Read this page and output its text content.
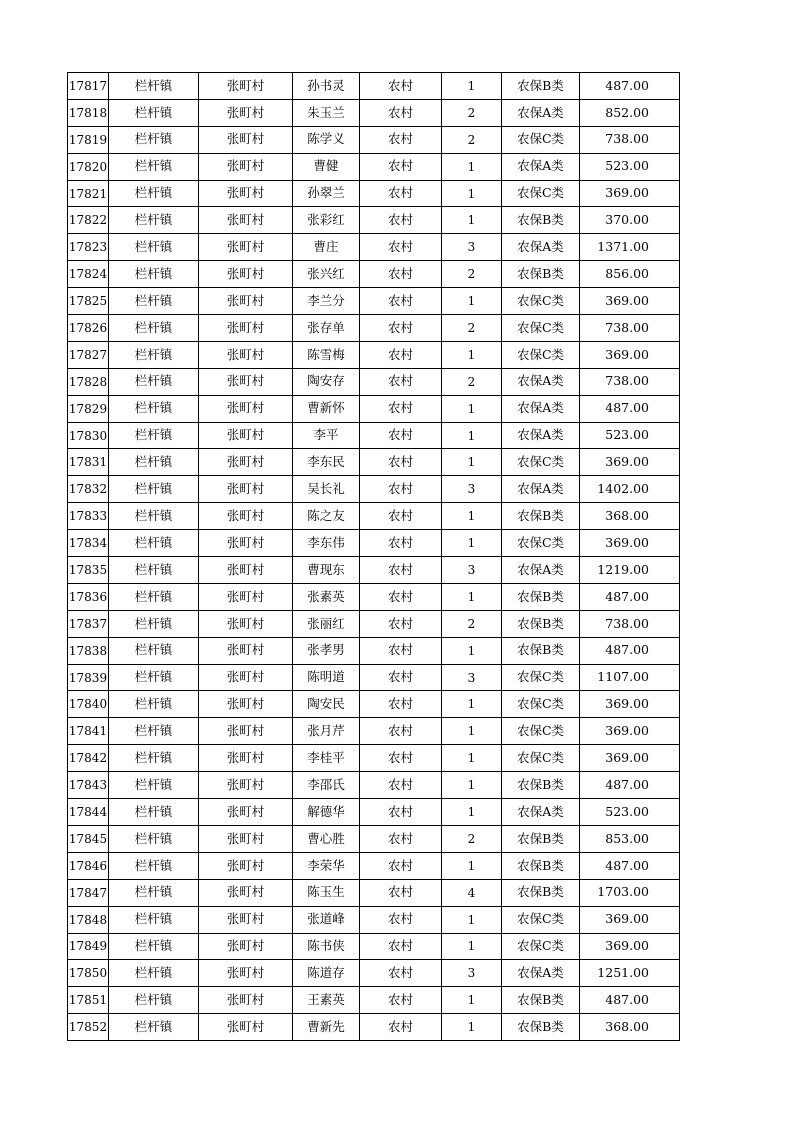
17817	栏杆镇	张町村	孙书灵	农村	1	农保B类	487.00
17818	栏杆镇	张町村	朱玉兰	农村	2	农保A类	852.00
17819	栏杆镇	张町村	陈学义	农村	2	农保C类	738.00
17820	栏杆镇	张町村	曹健	农村	1	农保A类	523.00
17821	栏杆镇	张町村	孙翠兰	农村	1	农保C类	369.00
17822	栏杆镇	张町村	张彩红	农村	1	农保B类	370.00
17823	栏杆镇	张町村	曹庄	农村	3	农保A类	1371.00
17824	栏杆镇	张町村	张兴红	农村	2	农保B类	856.00
17825	栏杆镇	张町村	李兰分	农村	1	农保C类	369.00
17826	栏杆镇	张町村	张存单	农村	2	农保C类	738.00
17827	栏杆镇	张町村	陈雪梅	农村	1	农保C类	369.00
17828	栏杆镇	张町村	陶安存	农村	2	农保A类	738.00
17829	栏杆镇	张町村	曹新怀	农村	1	农保A类	487.00
17830	栏杆镇	张町村	李平	农村	1	农保A类	523.00
17831	栏杆镇	张町村	李东民	农村	1	农保C类	369.00
17832	栏杆镇	张町村	吴长礼	农村	3	农保A类	1402.00
17833	栏杆镇	张町村	陈之友	农村	1	农保B类	368.00
17834	栏杆镇	张町村	李东伟	农村	1	农保C类	369.00
17835	栏杆镇	张町村	曹现东	农村	3	农保A类	1219.00
17836	栏杆镇	张町村	张素英	农村	1	农保B类	487.00
17837	栏杆镇	张町村	张丽红	农村	2	农保B类	738.00
17838	栏杆镇	张町村	张孝男	农村	1	农保B类	487.00
17839	栏杆镇	张町村	陈明道	农村	3	农保C类	1107.00
17840	栏杆镇	张町村	陶安民	农村	1	农保C类	369.00
17841	栏杆镇	张町村	张月芹	农村	1	农保C类	369.00
17842	栏杆镇	张町村	李桂平	农村	1	农保C类	369.00
17843	栏杆镇	张町村	李邵氏	农村	1	农保B类	487.00
17844	栏杆镇	张町村	解德华	农村	1	农保A类	523.00
17845	栏杆镇	张町村	曹心胜	农村	2	农保B类	853.00
17846	栏杆镇	张町村	李荣华	农村	1	农保B类	487.00
17847	栏杆镇	张町村	陈玉生	农村	4	农保B类	1703.00
17848	栏杆镇	张町村	张道峰	农村	1	农保C类	369.00
17849	栏杆镇	张町村	陈书侠	农村	1	农保C类	369.00
17850	栏杆镇	张町村	陈道存	农村	3	农保A类	1251.00
17851	栏杆镇	张町村	王素英	农村	1	农保B类	487.00
17852	栏杆镇	张町村	曹新先	农村	1	农保B类	368.00
